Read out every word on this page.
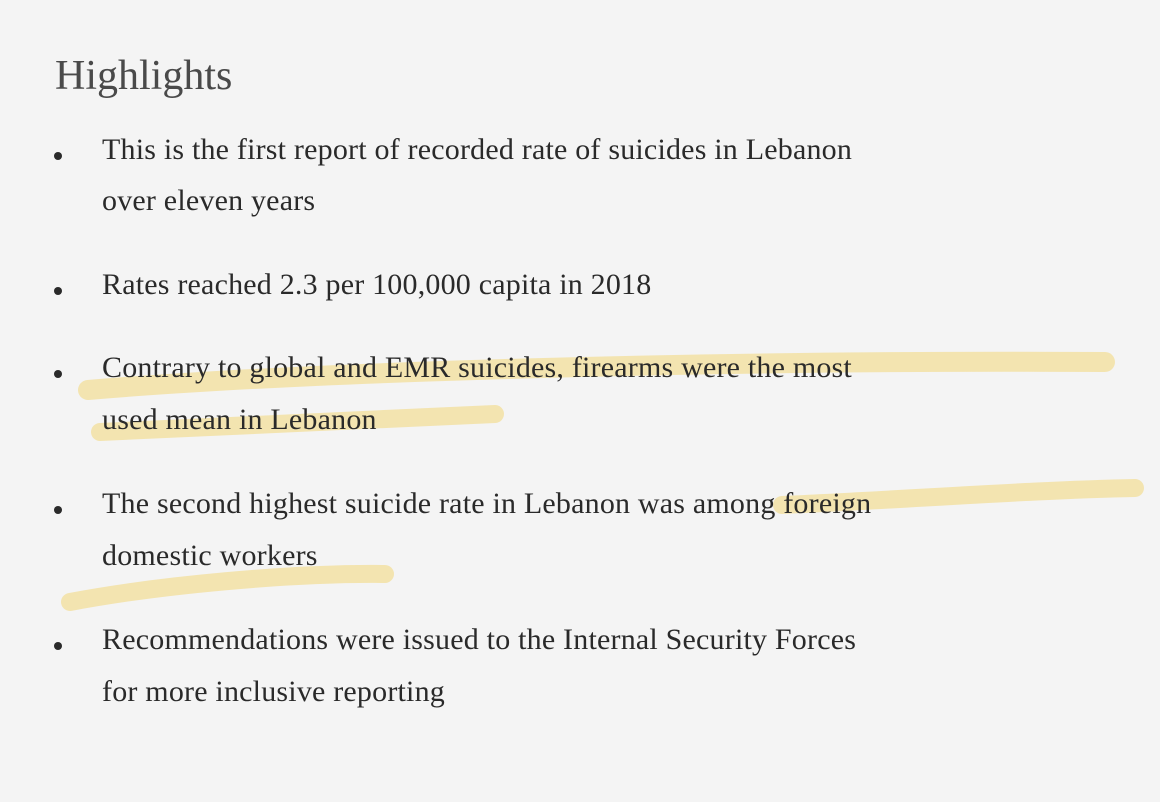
Highlights
This is the first report of recorded rate of suicides in Lebanon
over eleven years
Rates reached 2.3 per 100,000 capita in 2018
Contrary to global and EMR suicides, firearms were the most
used mean in Lebanon
The second highest suicide rate in Lebanon was among foreign
domestic workers
Recommendations were issued to the Internal Security Forces
for more inclusive reporting
